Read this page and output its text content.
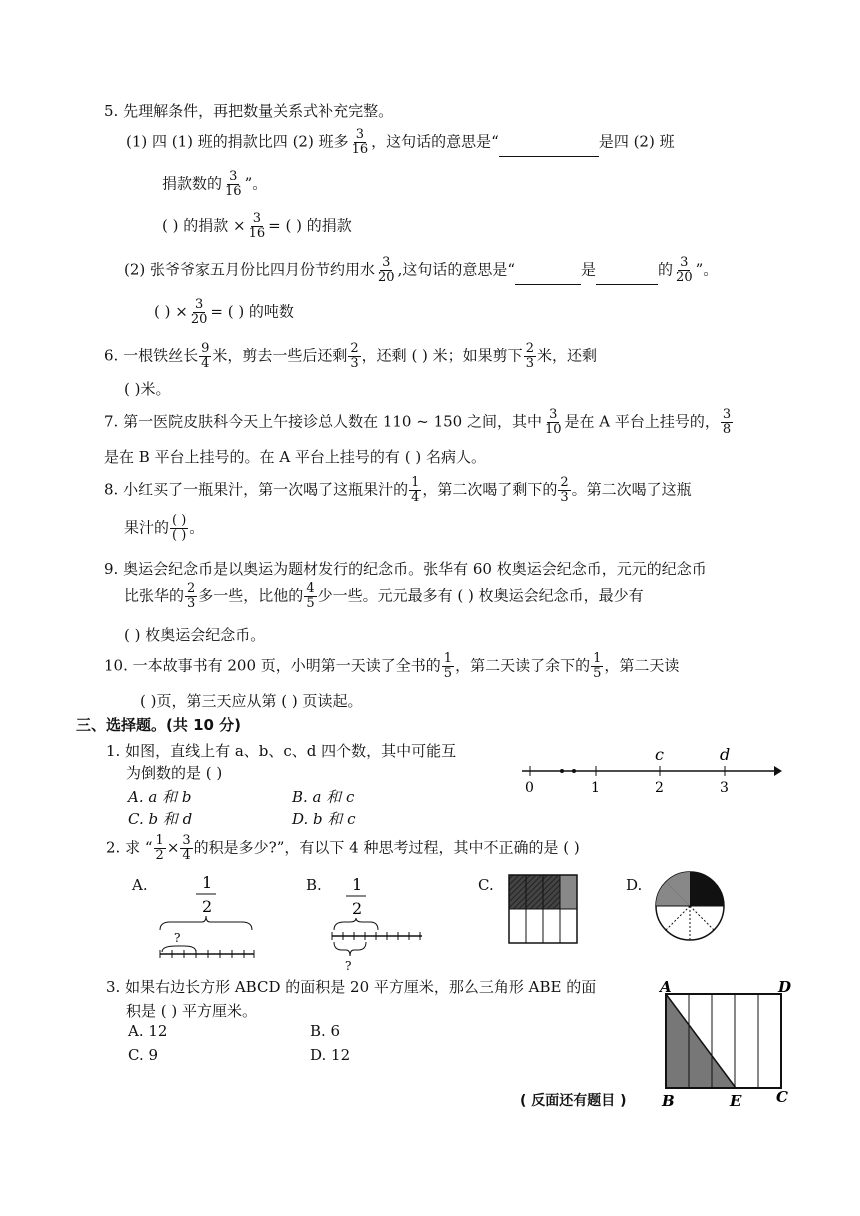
5. 先理解条件，再把数量关系式补充完整。
(1) 四 (1) 班的捐款比四 (2) 班多 $\frac{3}{16}$ ，这句话的意思是“	是四 (2) 班
捐款数的 $\frac{3}{16}$ ”。
( ) 的捐款 × $\frac{3}{16}$ = ( ) 的捐款
(2) 张爷爷家五月份比四月份节约用水 $\frac{3}{20}$ ,这句话的意思是“	是	的 $\frac{3}{20}$ ”。
( ) × $\frac{3}{20}$ = ( ) 的吨数
6. 一根铁丝长 $\frac{9}{4}$ 米，剪去一些后还剩 $\frac{2}{3}$ ，还剩 ( ) 米；如果剪下 $\frac{2}{3}$ 米，还剩
( )米。
7. 第一医院皮肤科今天上午接诊总人数在 110 ~ 150 之间，其中 $\frac{3}{10}$ 是在 A 平台上挂号的， $\frac{3}{8}$
是在 B 平台上挂号的。在 A 平台上挂号的有 ( ) 名病人。
8. 小红买了一瓶果汁，第一次喝了这瓶果汁的 $\frac{1}{4}$ ，第二次喝了剩下的 $\frac{2}{3}$ 。第二次喝了这瓶
果汁的 $\frac{( )}{( )}$ 。
9. 奥运会纪念币是以奥运为题材发行的纪念币。张华有 60 枚奥运会纪念币，元元的纪念币
比张华的 $\frac{2}{3}$ 多一些，比他的 $\frac{4}{5}$ 少一些。元元最多有 ( ) 枚奥运会纪念币，最少有
( ) 枚奥运会纪念币。
10. 一本故事书有 200 页，小明第一天读了全书的 $\frac{1}{5}$ ，第二天读了余下的 $\frac{1}{5}$ ，第二天读
( )页，第三天应从第 ( ) 页读起。
三、选择题。(共 10 分)
1. 如图，直线上有 a、b、c、d 四个数，其中可能互
为倒数的是 ( )
A. a 和 b	B. a 和 c
C. b 和 d	D. b 和 c
0	1	2	3
c	d
2. 求 “ $\frac{1}{2} \times \frac{3}{4}$ 的积是多少?”，有以下 4 种思考过程，其中不正确的是 ( )
A.	1
2
?
B. 1
2
?
C.	D.
3. 如果右边长方形 ABCD 的面积是 20 平方厘米，那么三角形 ABE 的面
积是 ( ) 平方厘米。
A. 12	B. 6
C. 9	D. 12
A	D
B	E C
( 反面还有题目 )
